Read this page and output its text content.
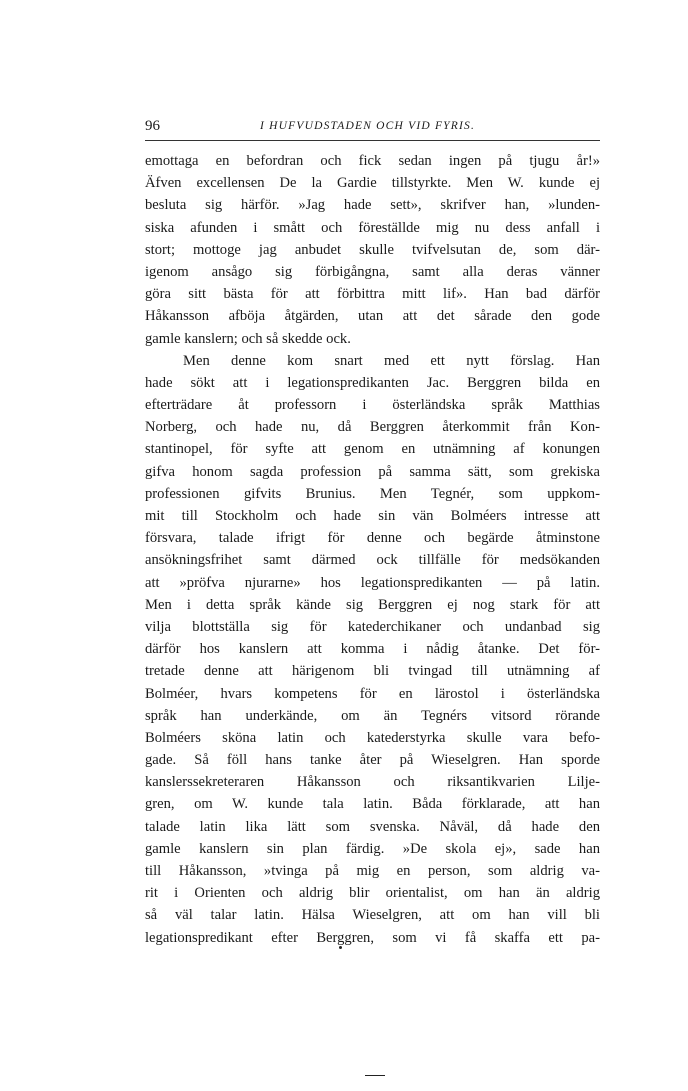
96	I HUFVUDSTADEN OCH VID FYRIS.
emottaga en befordran och fick sedan ingen på tjugu år!»
Äfven excellensen De la Gardie tillstyrkte. Men W. kunde ej
besluta sig härför. »Jag hade sett», skrifver han, »lunden-
siska afunden i smått och föreställde mig nu dess anfall i
stort; mottoge jag anbudet skulle tvifvelsutan de, som där-
igenom ansågo sig förbigångna, samt alla deras vänner
göra sitt bästa för att förbittra mitt lif». Han bad därför
Håkansson afböja åtgärden, utan att det sårade den gode
gamle kanslern; och så skedde ock.
Men denne kom snart med ett nytt förslag. Han
hade sökt att i legationspredikanten Jac. Berggren bilda en
efterträdare åt professorn i österländska språk Matthias
Norberg, och hade nu, då Berggren återkommit från Kon-
stantinopel, för syfte att genom en utnämning af konungen
gifva honom sagda profession på samma sätt, som grekiska
professionen gifvits Brunius. Men Tegnér, som uppkom-
mit till Stockholm och hade sin vän Bolméers intresse att
försvara, talade ifrigt för denne och begärde åtminstone
ansökningsfrihet samt därmed ock tillfälle för medsökanden
att »pröfva njurarne» hos legationspredikanten — på latin.
Men i detta språk kände sig Berggren ej nog stark för att
vilja blottställa sig för katederchikaner och undanbad sig
därför hos kanslern att komma i nådig åtanke. Det för-
tretade denne att härigenom bli tvingad till utnämning af
Bolméer, hvars kompetens för en lärostol i österländska
språk han underkände, om än Tegnérs vitsord rörande
Bolméers sköna latin och katederstyrka skulle vara befo-
gade. Så föll hans tanke åter på Wieselgren. Han sporde
kanslerssekreteraren Håkansson och riksantikvarien Lilje-
gren, om W. kunde tala latin. Båda förklarade, att han
talade latin lika lätt som svenska. Nåväl, då hade den
gamle kanslern sin plan färdig. »De skola ej», sade han
till Håkansson, »tvinga på mig en person, som aldrig va-
rit i Orienten och aldrig blir orientalist, om han än aldrig
så väl talar latin. Hälsa Wieselgren, att om han vill bli
legationspredikant efter Berggren, som vi få skaffa ett pa-
